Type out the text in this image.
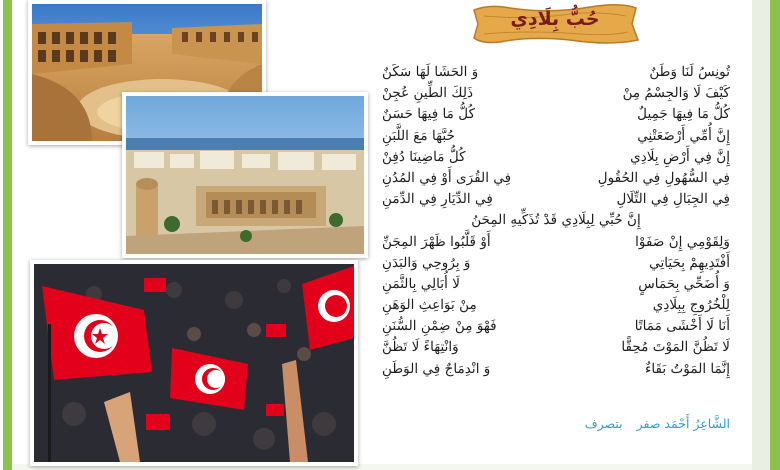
حُبُّ بِلَادِي
تُونِسُ لَنَا وَطَنٌ
وَ الحَشَا لَهَا سَكَنٌ
كَيْفَ لَا وَالجِسْمُ مِنْ
ذَلِكَ الطِّينِ عُجِنْ
كُلُّ مَا فِيهَا جَمِيلٌ
كُلُّ مَا فِيهَا حَسَنٌ
إِنَّ أُمِّي أَرْضَعَتْنِي
حُبَّهَا مَعَ اللَّبَنِ
إِنَّ فِي أَرْضِ بِلَادِي
كُلُّ مَاضِينَا دُفِنْ
فِي السُّهُولِ فِي الحُقُولِ
فِي القُرَى أَوْ فِي المُدُنِ
فِي الجِبَالِ فِي التِّلَالِ
فِي الدِّيَارِ فِي الدِّمَنِ
إِنَّ حُبِّي لِبِلَادِي قَدْ تُذَكِّيهِ المِحَنُ
وَلِقَوْمِي إِنْ صَفَوْا
أَوْ قَلَّبُوا ظَهْرَ المِجَنِّ
أَفْتَدِيهِمْ بِحَيَاتِي
وَ بِرُوحِي وَالبَدَنِ
وَ أُضَحِّي بِحَمَاسٍ
لَا أُبَالِي بِالثَّمَنِ
لِلْخُرُوجِ بِبِلَادِي
مِنْ بَوَاعِثِ الوَهَنِ
أَنَا لَا أَخْشَى مَمَاتًا
فَهْوَ مِنْ ضِمْنِ السُّنَنِ
لَا تَظُنَّ المَوْتَ مُحِقًّا
وَانْتِهَاءً لَا تَظُنَّ
إِنَّمَا المَوْتُ بَقَاءٌ
وَ انْدِمَاجٌ فِي الوَطَنِ
الشَّاعِرُ أَحْمَد صفر بتصرف
